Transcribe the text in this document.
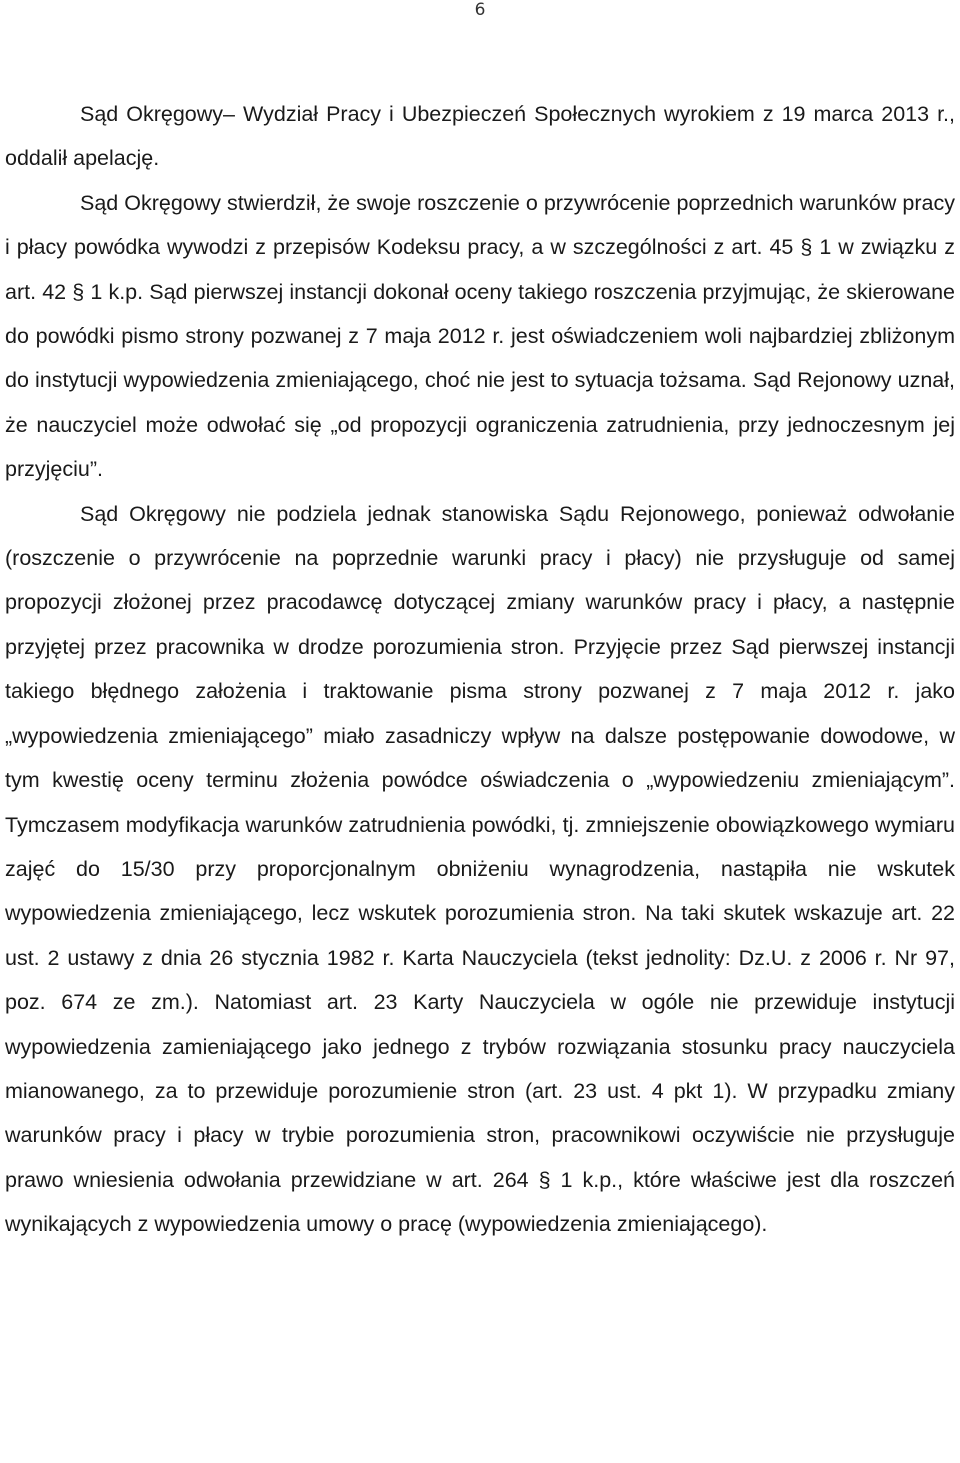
6

Sąd Okręgowy– Wydział Pracy i Ubezpieczeń Społecznych wyrokiem z 19 marca 2013 r., oddalił apelację.

Sąd Okręgowy stwierdził, że swoje roszczenie o przywrócenie poprzednich warunków pracy i płacy powódka wywodzi z przepisów Kodeksu pracy, a w szczególności z art. 45 § 1 w związku z art. 42 § 1 k.p. Sąd pierwszej instancji dokonał oceny takiego roszczenia przyjmując, że skierowane do powódki pismo strony pozwanej z 7 maja 2012 r. jest oświadczeniem woli najbardziej zbliżonym do instytucji wypowiedzenia zmieniającego, choć nie jest to sytuacja tożsama. Sąd Rejonowy uznał, że nauczyciel może odwołać się „od propozycji ograniczenia zatrudnienia, przy jednoczesnym jej przyjęciu”.

Sąd Okręgowy nie podziela jednak stanowiska Sądu Rejonowego, ponieważ odwołanie (roszczenie o przywrócenie na poprzednie warunki pracy i płacy) nie przysługuje od samej propozycji złożonej przez pracodawcę dotyczącej zmiany warunków pracy i płacy, a następnie przyjętej przez pracownika w drodze porozumienia stron. Przyjęcie przez Sąd pierwszej instancji takiego błędnego założenia i traktowanie pisma strony pozwanej z 7 maja 2012 r. jako „wypowiedzenia zmieniającego” miało zasadniczy wpływ na dalsze postępowanie dowodowe, w tym kwestię oceny terminu złożenia powódce oświadczenia o „wypowiedzeniu zmieniającym”. Tymczasem modyfikacja warunków zatrudnienia powódki, tj. zmniejszenie obowiązkowego wymiaru zajęć do 15/30 przy proporcjonalnym obniżeniu wynagrodzenia, nastąpiła nie wskutek wypowiedzenia zmieniającego, lecz wskutek porozumienia stron. Na taki skutek wskazuje art. 22 ust. 2 ustawy z dnia 26 stycznia 1982 r. Karta Nauczyciela (tekst jednolity: Dz.U. z 2006 r. Nr 97, poz. 674 ze zm.). Natomiast art. 23 Karty Nauczyciela w ogóle nie przewiduje instytucji wypowiedzenia zamieniającego jako jednego z trybów rozwiązania stosunku pracy nauczyciela mianowanego, za to przewiduje porozumienie stron (art. 23 ust. 4 pkt 1). W przypadku zmiany warunków pracy i płacy w trybie porozumienia stron, pracownikowi oczywiście nie przysługuje prawo wniesienia odwołania przewidziane w art. 264 § 1 k.p., które właściwe jest dla roszczeń wynikających z wypowiedzenia umowy o pracę (wypowiedzenia zmieniającego).
